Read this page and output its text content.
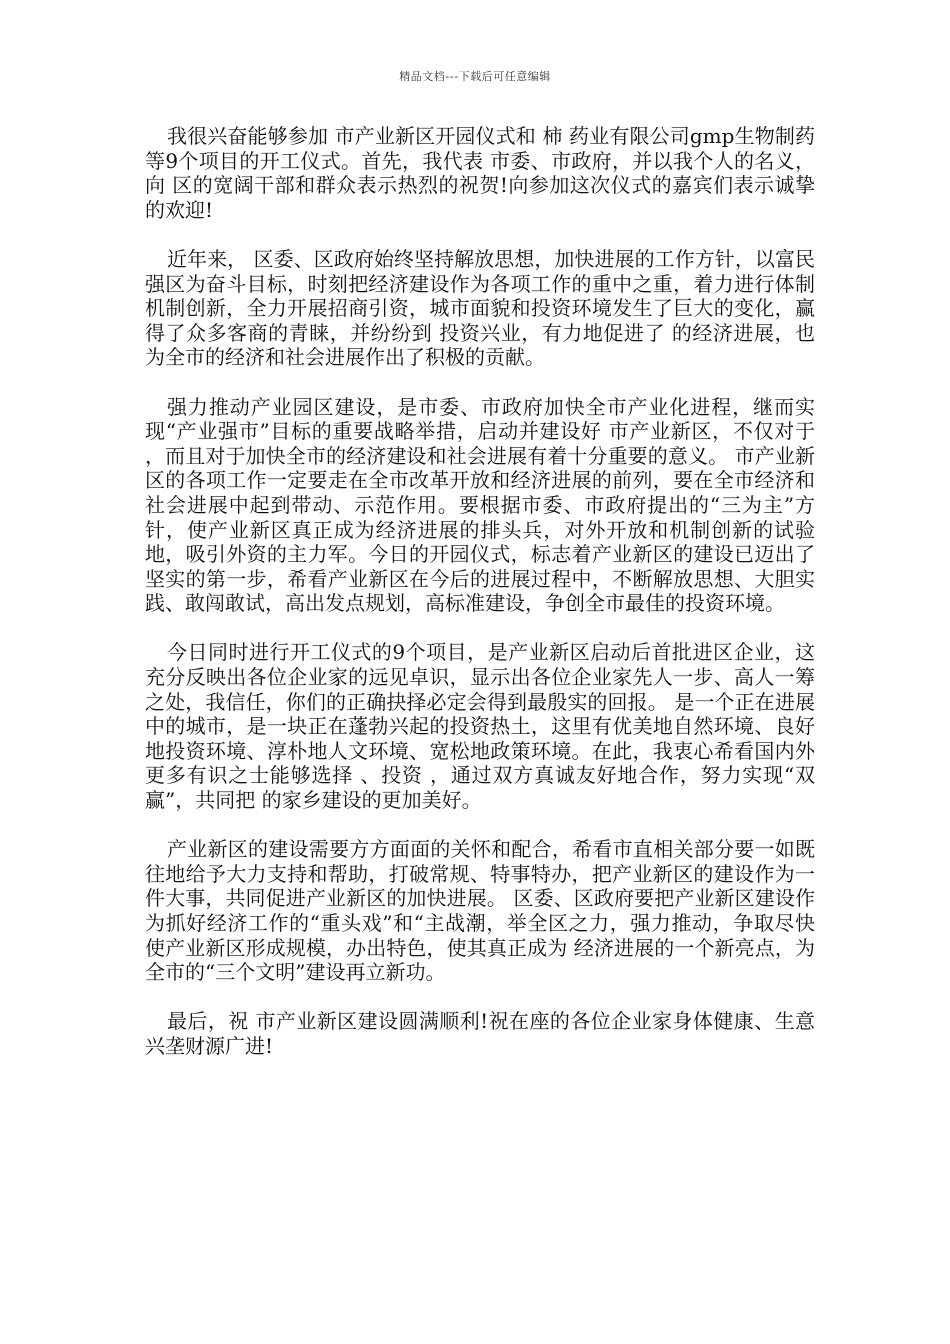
精品文档---下载后可任意编辑

我很兴奋能够参加 市产业新区开园仪式和 柿 药业有限公司gmp生物制药等9个项目的开工仪式。首先，我代表 市委、市政府，并以我个人的名义，向 区的宽阔干部和群众表示热烈的祝贺!向参加这次仪式的嘉宾们表示诚挚的欢迎!

近年来， 区委、区政府始终坚持解放思想，加快进展的工作方针，以富民强区为奋斗目标，时刻把经济建设作为各项工作的重中之重，着力进行体制机制创新，全力开展招商引资，城市面貌和投资环境发生了巨大的变化，赢得了众多客商的青睐，并纷纷到 投资兴业，有力地促进了 的经济进展，也为全市的经济和社会进展作出了积极的贡献。

强力推动产业园区建设，是市委、市政府加快全市产业化进程，继而实现“产业强市”目标的重要战略举措，启动并建设好 市产业新区，不仅对于 ，而且对于加快全市的经济建设和社会进展有着十分重要的意义。 市产业新区的各项工作一定要走在全市改革开放和经济进展的前列，要在全市经济和社会进展中起到带动、示范作用。要根据市委、市政府提出的“三为主”方针，使产业新区真正成为经济进展的排头兵，对外开放和机制创新的试验地，吸引外资的主力军。今日的开园仪式，标志着产业新区的建设已迈出了坚实的第一步，希看产业新区在今后的进展过程中，不断解放思想、大胆实践、敢闯敢试，高出发点规划，高标准建设，争创全市最佳的投资环境。

今日同时进行开工仪式的9个项目，是产业新区启动后首批进区企业，这充分反映出各位企业家的远见卓识，显示出各位企业家先人一步、高人一筹之处，我信任，你们的正确抉择必定会得到最殷实的回报。 是一个正在进展中的城市，是一块正在蓬勃兴起的投资热土，这里有优美地自然环境、良好地投资环境、淳朴地人文环境、宽松地政策环境。在此，我衷心希看国内外更多有识之士能够选择 、投资 ，通过双方真诚友好地合作，努力实现“双赢”，共同把 的家乡建设的更加美好。

产业新区的建设需要方方面面的关怀和配合，希看市直相关部分要一如既往地给予大力支持和帮助，打破常规、特事特办，把产业新区的建设作为一件大事，共同促进产业新区的加快进展。 区委、区政府要把产业新区建设作为抓好经济工作的“重头戏”和“主战潮，举全区之力，强力推动，争取尽快使产业新区形成规模，办出特色，使其真正成为 经济进展的一个新亮点，为全市的“三个文明”建设再立新功。

最后，祝 市产业新区建设圆满顺利!祝在座的各位企业家身体健康、生意兴垄财源广进!
